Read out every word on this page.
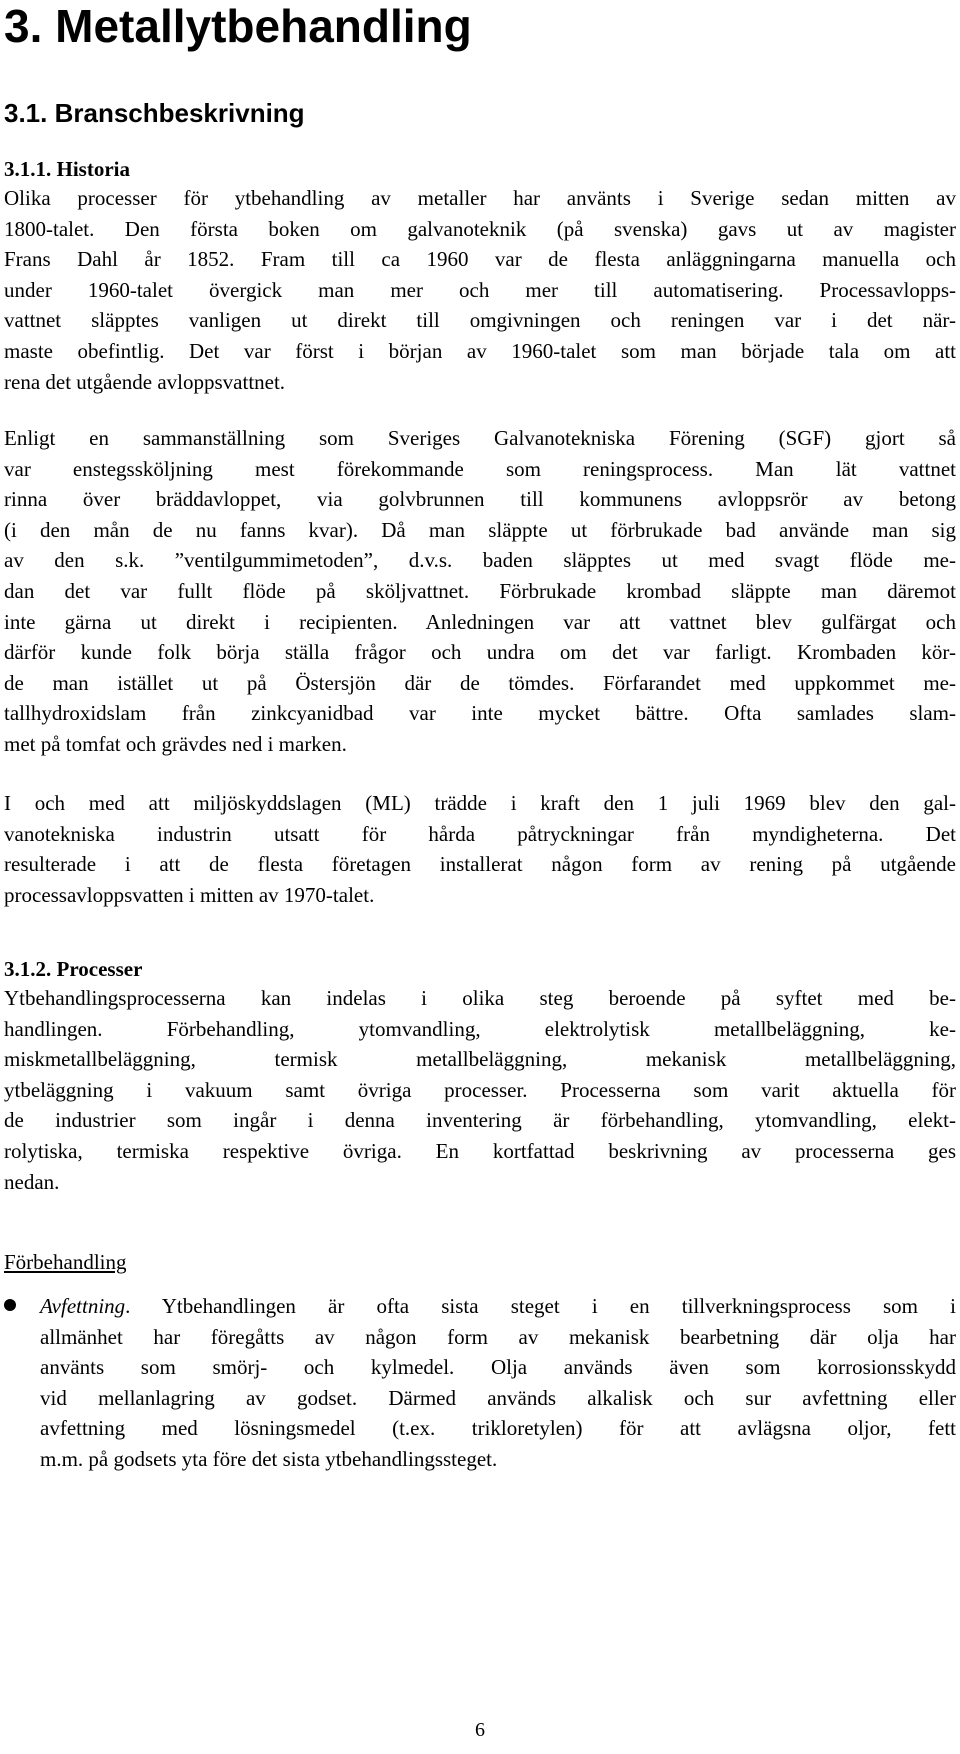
3. Metallytbehandling
3.1. Branschbeskrivning
3.1.1. Historia
Olika processer för ytbehandling av metaller har använts i Sverige sedan mitten av
1800-talet. Den första boken om galvanoteknik (på svenska) gavs ut av magister
Frans Dahl år 1852. Fram till ca 1960 var de flesta anläggningarna manuella och
under 1960-talet övergick man mer och mer till automatisering. Processavlopps-
vattnet släpptes vanligen ut direkt till omgivningen och reningen var i det när-
maste obefintlig. Det var först i början av 1960-talet som man började tala om att
rena det utgående avloppsvattnet.
Enligt en sammanställning som Sveriges Galvanotekniska Förening (SGF) gjort så
var enstegssköljning mest förekommande som reningsprocess. Man lät vattnet
rinna över bräddavloppet, via golvbrunnen till kommunens avloppsrör av betong
(i den mån de nu fanns kvar). Då man släppte ut förbrukade bad använde man sig
av den s.k. ”ventilgummimetoden”, d.v.s. baden släpptes ut med svagt flöde me-
dan det var fullt flöde på sköljvattnet. Förbrukade krombad släppte man däremot
inte gärna ut direkt i recipienten. Anledningen var att vattnet blev gulfärgat och
därför kunde folk börja ställa frågor och undra om det var farligt. Krombaden kör-
de man istället ut på Östersjön där de tömdes. Förfarandet med uppkommet me-
tallhydroxidslam från zinkcyanidbad var inte mycket bättre. Ofta samlades slam-
met på tomfat och grävdes ned i marken.
I och med att miljöskyddslagen (ML) trädde i kraft den 1 juli 1969 blev den gal-
vanotekniska industrin utsatt för hårda påtryckningar från myndigheterna. Det
resulterade i att de flesta företagen installerat någon form av rening på utgående
processavloppsvatten i mitten av 1970-talet.
3.1.2. Processer
Ytbehandlingsprocesserna kan indelas i olika steg beroende på syftet med be-
handlingen. Förbehandling, ytomvandling, elektrolytisk metallbeläggning, ke-
miskmetallbeläggning, termisk metallbeläggning, mekanisk metallbeläggning,
ytbeläggning i vakuum samt övriga processer. Processerna som varit aktuella för
de industrier som ingår i denna inventering är förbehandling, ytomvandling, elekt-
rolytiska, termiska respektive övriga. En kortfattad beskrivning av processerna ges
nedan.
Förbehandling
Avfettning. Ytbehandlingen är ofta sista steget i en tillverkningsprocess som i
allmänhet har föregåtts av någon form av mekanisk bearbetning där olja har
använts som smörj- och kylmedel. Olja används även som korrosionsskydd
vid mellanlagring av godset. Därmed används alkalisk och sur avfettning eller
avfettning med lösningsmedel (t.ex. trikloretylen) för att avlägsna oljor, fett
m.m. på godsets yta före det sista ytbehandlingssteget.
6
